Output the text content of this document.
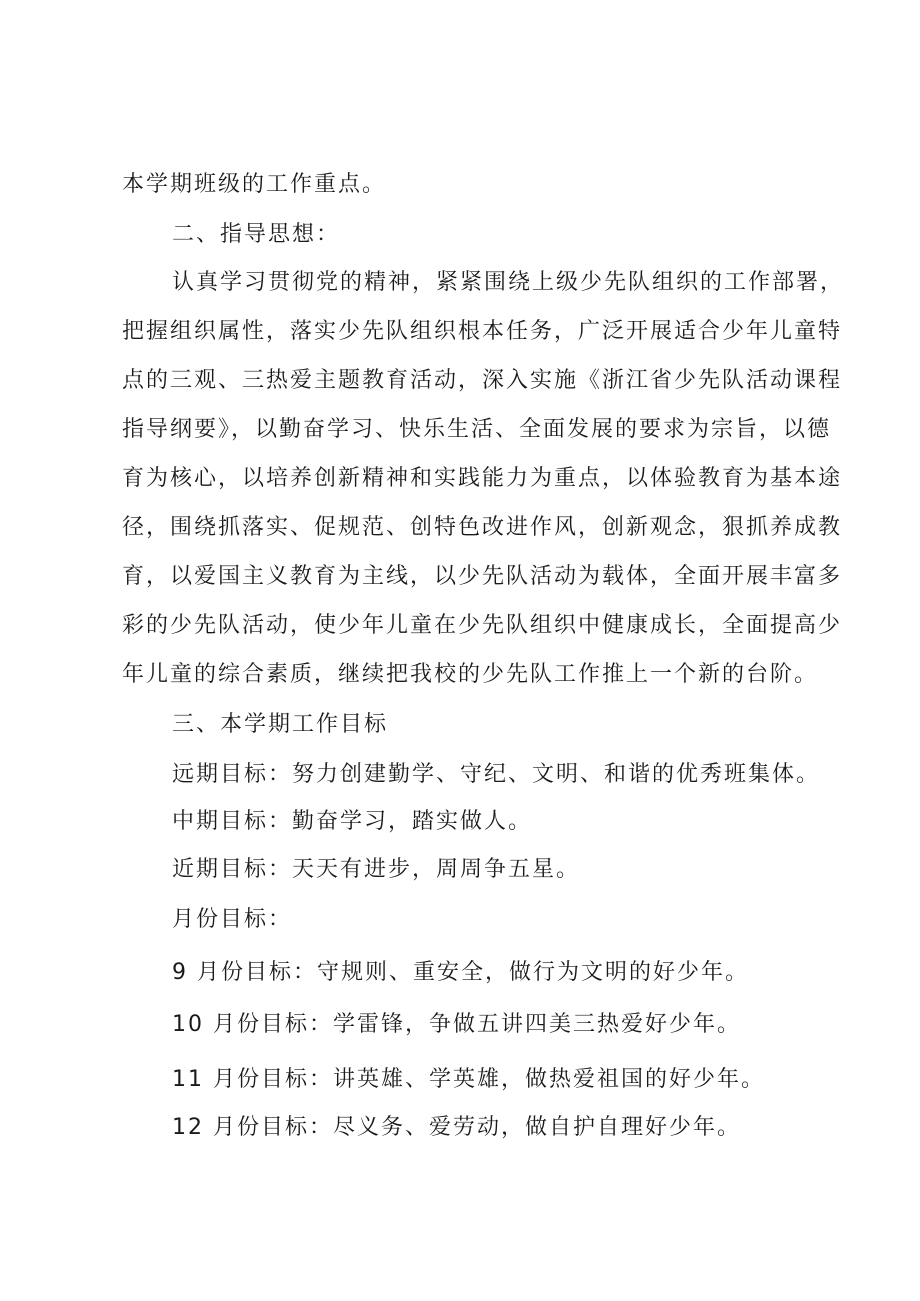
本学期班级的工作重点。
二、指导思想：
认真学习贯彻党的精神，紧紧围绕上级少先队组织的工作部署，
把握组织属性，落实少先队组织根本任务，广泛开展适合少年儿童特
点的三观、三热爱主题教育活动，深入实施《浙江省少先队活动课程
指导纲要》，以勤奋学习、快乐生活、全面发展的要求为宗旨，以德
育为核心，以培养创新精神和实践能力为重点，以体验教育为基本途
径，围绕抓落实、促规范、创特色改进作风，创新观念，狠抓养成教
育，以爱国主义教育为主线，以少先队活动为载体，全面开展丰富多
彩的少先队活动，使少年儿童在少先队组织中健康成长，全面提高少
年儿童的综合素质，继续把我校的少先队工作推上一个新的台阶。
三、本学期工作目标
远期目标：努力创建勤学、守纪、文明、和谐的优秀班集体。
中期目标：勤奋学习，踏实做人。
近期目标：天天有进步，周周争五星。
月份目标：
9 月份目标：守规则、重安全，做行为文明的好少年。
10 月份目标：学雷锋，争做五讲四美三热爱好少年。
11 月份目标：讲英雄、学英雄，做热爱祖国的好少年。
12 月份目标：尽义务、爱劳动，做自护自理好少年。
